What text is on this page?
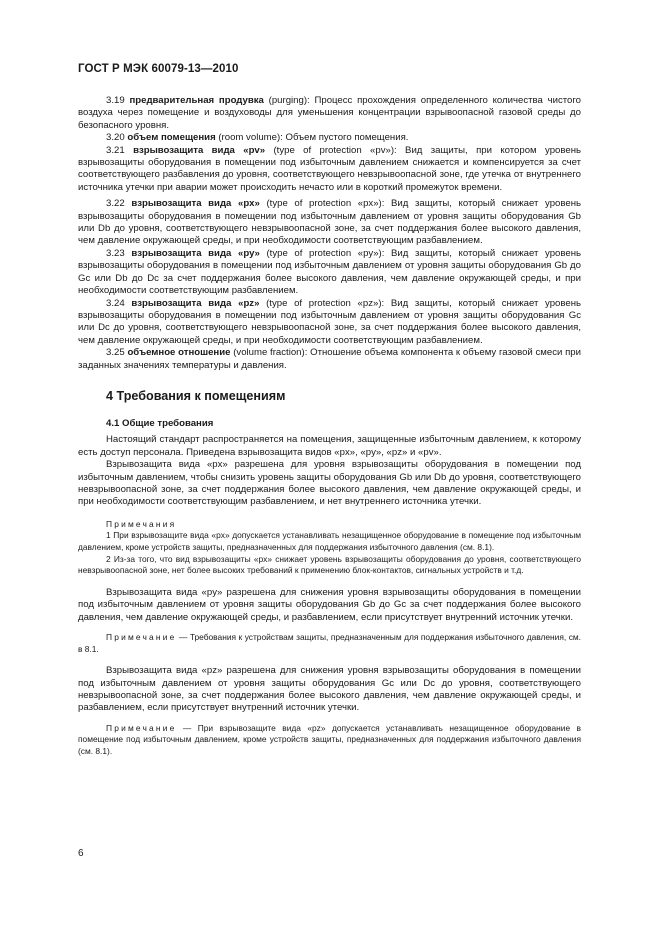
ГОСТ Р МЭК 60079-13—2010

3.19 предварительная продувка (purging): Процесс прохождения определенного количества чистого воздуха через помещение и воздуховоды для уменьшения концентрации взрывоопасной газовой среды до безопасного уровня.

3.20 объем помещения (room volume): Объем пустого помещения.

3.21 взрывозащита вида «pv» (type of protection «pv»): Вид защиты, при котором уровень взрывозащиты оборудования в помещении под избыточным давлением снижается и компенсируется за счет соответствующего разбавления до уровня, соответствующего невзрывоопасной зоне, где утечка от внутреннего источника утечки при аварии может происходить нечасто или в короткий промежуток времени.

3.22 взрывозащита вида «px» (type of protection «px»): Вид защиты, который снижает уровень взрывозащиты оборудования в помещении под избыточным давлением от уровня защиты оборудования Gb или Db до уровня, соответствующего невзрывоопасной зоне, за счет поддержания более высокого давления, чем давление окружающей среды, и при необходимости соответствующим разбавлением.

3.23 взрывозащита вида «py» (type of protection «py»): Вид защиты, который снижает уровень взрывозащиты оборудования в помещении под избыточным давлением от уровня защиты оборудования Gb до Gc или Db до Dc за счет поддержания более высокого давления, чем давление окружающей среды, и при необходимости соответствующим разбавлением.

3.24 взрывозащита вида «pz» (type of protection «pz»): Вид защиты, который снижает уровень взрывозащиты оборудования в помещении под избыточным давлением от уровня защиты оборудования Gc или Dc до уровня, соответствующего невзрывоопасной зоне, за счет поддержания более высокого давления, чем давление окружающей среды, и при необходимости соответствующим разбавлением.

3.25 объемное отношение (volume fraction): Отношение объема компонента к объему газовой смеси при заданных значениях температуры и давления.

4 Требования к помещениям

4.1 Общие требования

Настоящий стандарт распространяется на помещения, защищенные избыточным давлением, к которому есть доступ персонала. Приведена взрывозащита видов «px», «py», «pz» и «pv».

Взрывозащита вида «px» разрешена для уровня взрывозащиты оборудования в помещении под избыточным давлением, чтобы снизить уровень защиты оборудования Gb или Db до уровня, соответствующего невзрывоопасной зоне, за счет поддержания более высокого давления, чем давление окружающей среды, и при необходимости соответствующим разбавлением, и нет внутреннего источника утечки.

Примечания

1 При взрывозащите вида «px» допускается устанавливать незащищенное оборудование в помещение под избыточным давлением, кроме устройств защиты, предназначенных для поддержания избыточного давления (см. 8.1).

2 Из-за того, что вид взрывозащиты «px» снижает уровень взрывозащиты оборудования до уровня, соответствующего невзрывоопасной зоне, нет более высоких требований к применению блок-контактов, сигнальных устройств и т.д.

Взрывозащита вида «py» разрешена для снижения уровня взрывозащиты оборудования в помещении под избыточным давлением от уровня защиты оборудования Gb до Gc за счет поддержания более высокого давления, чем давление окружающей среды, и разбавлением, если присутствует внутренний источник утечки.

Примечание — Требования к устройствам защиты, предназначенным для поддержания избыточного давления, см. в 8.1.

Взрывозащита вида «pz» разрешена для снижения уровня взрывозащиты оборудования в помещении под избыточным давлением от уровня защиты оборудования Gc или Dc до уровня, соответствующего невзрывоопасной зоне, за счет поддержания более высокого давления, чем давление окружающей среды, и разбавлением, если присутствует внутренний источник утечки.

Примечание — При взрывозащите вида «pz» допускается устанавливать незащищенное оборудование в помещение под избыточным давлением, кроме устройств защиты, предназначенных для поддержания избыточного давления (см. 8.1).

6
